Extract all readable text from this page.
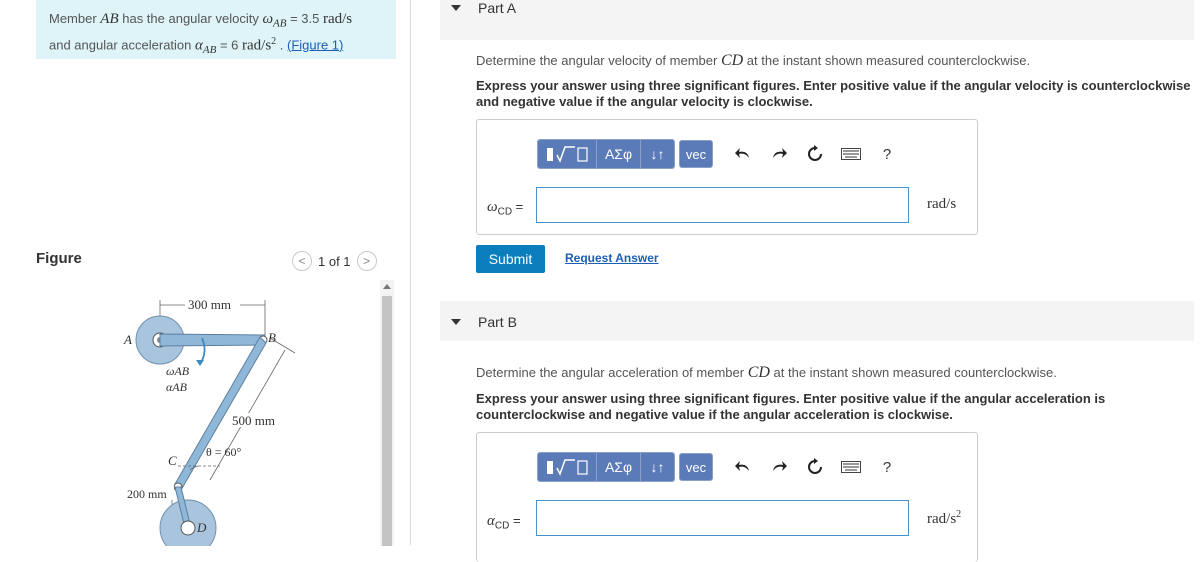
Member AB has the angular velocity $\omega_{AB} = 3.5$ rad/s
and angular acceleration $\alpha_{AB} = 6$ rad/$s^2$ . (Figure 1)
Figure	< 1 of 1	>
300 mm
500 mm
A	B
ωAB
αAB
C
θ = 60°
200 mm
D
Part A
Determine the angular velocity of member CD at the instant shown measured counterclockwise.
Express your answer using three significant figures. Enter positive value if the angular velocity is counterclockwise and negative value if the angular velocity is clockwise.
ΑΣφ	↓↑	vec	?
$\omega_{CD}$ =	rad/s
Submit	Request Answer
Part B
Determine the angular acceleration of member CD at the instant shown measured counterclockwise.
Express your answer using three significant figures. Enter positive value if the angular acceleration is counterclockwise and negative value if the angular acceleration is clockwise.
ΑΣφ	↓↑	vec	?
$\alpha_{CD}$ =	rad/$s^2$
